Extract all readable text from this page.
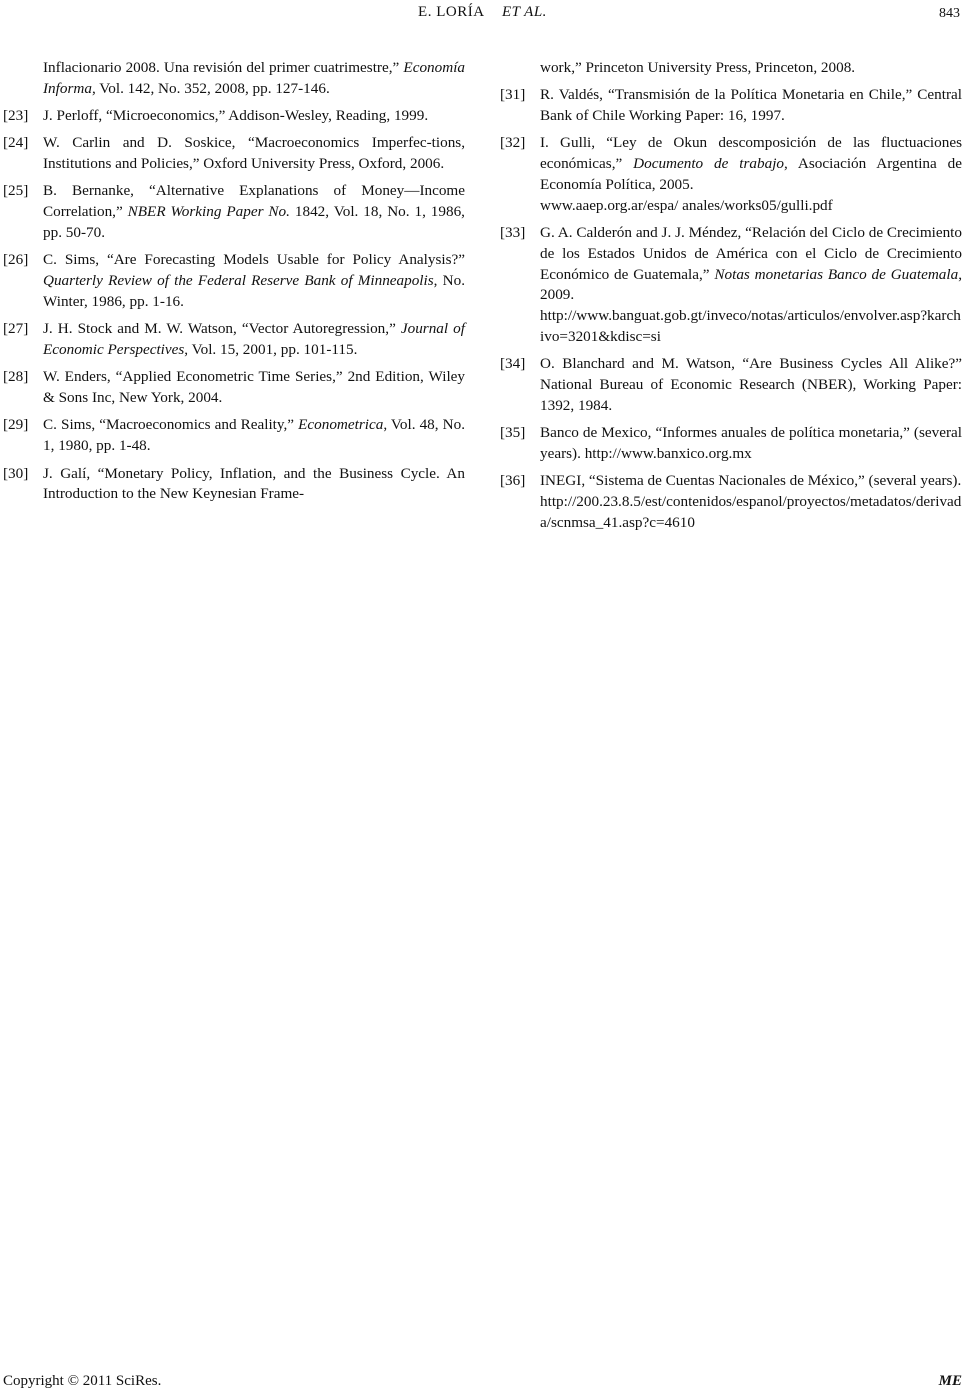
E. LORÍA ET AL.	843
Inflacionario 2008. Una revisión del primer cuatrimestre,” Economía Informa, Vol. 142, No. 352, 2008, pp. 127-146.
[23] J. Perloff, “Microeconomics,” Addison-Wesley, Reading, 1999.
[24] W. Carlin and D. Soskice, “Macroeconomics Imperfec-tions, Institutions and Policies,” Oxford University Press, Oxford, 2006.
[25] B. Bernanke, “Alternative Explanations of Money—Income Correlation,” NBER Working Paper No. 1842, Vol. 18, No. 1, 1986, pp. 50-70.
[26] C. Sims, “Are Forecasting Models Usable for Policy Analysis?” Quarterly Review of the Federal Reserve Bank of Minneapolis, No. Winter, 1986, pp. 1-16.
[27] J. H. Stock and M. W. Watson, “Vector Autoregression,” Journal of Economic Perspectives, Vol. 15, 2001, pp. 101-115.
[28] W. Enders, “Applied Econometric Time Series,” 2nd Edition, Wiley & Sons Inc, New York, 2004.
[29] C. Sims, “Macroeconomics and Reality,” Econometrica, Vol. 48, No. 1, 1980, pp. 1-48.
[30] J. Galí, “Monetary Policy, Inflation, and the Business Cycle. An Introduction to the New Keynesian Frame-
work,” Princeton University Press, Princeton, 2008.
[31] R. Valdés, “Transmisión de la Política Monetaria en Chile,” Central Bank of Chile Working Paper: 16, 1997.
[32] I. Gulli, “Ley de Okun descomposición de las fluctuaciones económicas,” Documento de trabajo, Asociación Argentina de Economía Política, 2005.
www.aaep.org.ar/espa/ anales/works05/gulli.pdf
[33] G. A. Calderón and J. J. Méndez, “Relación del Ciclo de Crecimiento de los Estados Unidos de América con el Ciclo de Crecimiento Económico de Guatemala,” Notas monetarias Banco de Guatemala, 2009.
http://www.banguat.gob.gt/inveco/notas/articulos/envolver.asp?karchivo=3201&kdisc=si
[34] O. Blanchard and M. Watson, “Are Business Cycles All Alike?” National Bureau of Economic Research (NBER), Working Paper: 1392, 1984.
[35] Banco de Mexico, “Informes anuales de política monetaria,” (several years). http://www.banxico.org.mx
[36] INEGI, “Sistema de Cuentas Nacionales de México,” (several years).
http://200.23.8.5/est/contenidos/espanol/proyectos/metadatos/derivada/scnmsa_41.asp?c=4610
Copyright © 2011 SciRes.	ME
